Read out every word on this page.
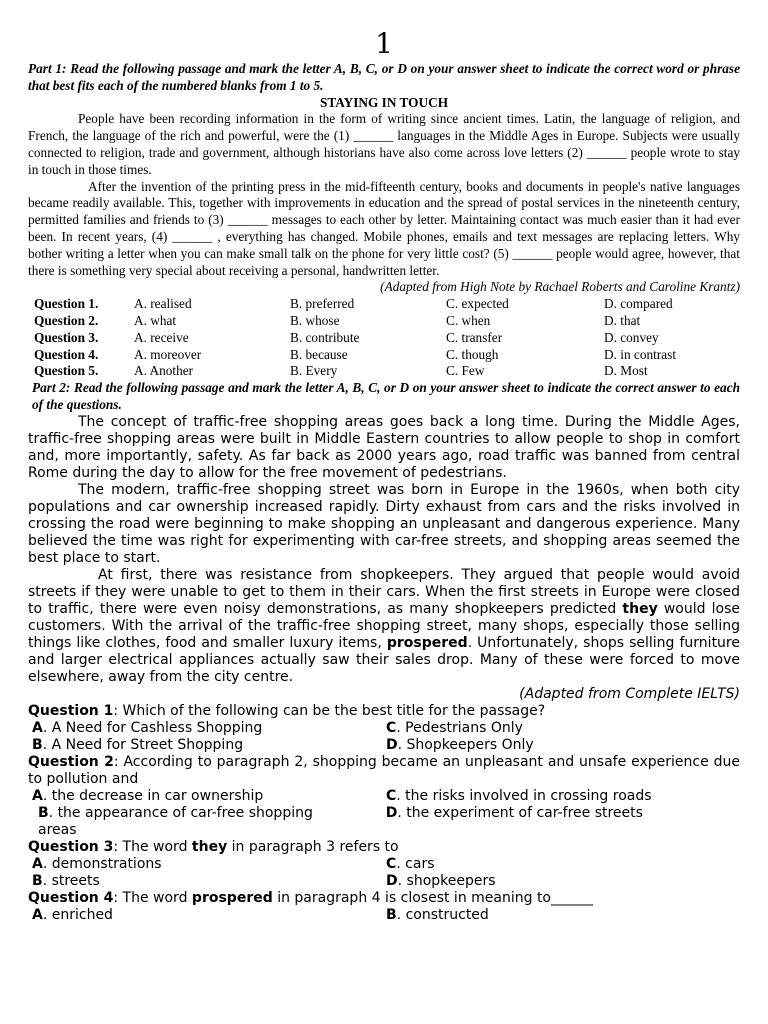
1
Part 1: Read the following passage and mark the letter A, B, C, or D on your answer sheet to indicate the correct word or phrase that best fits each of the numbered blanks from 1 to 5.
STAYING IN TOUCH

People have been recording information in the form of writing since ancient times. Latin, the language of religion, and French, the language of the rich and powerful, were the (1) ______ languages in the Middle Ages in Europe. Subjects were usually connected to religion, trade and government, although historians have also come across love letters (2) ______ people wrote to stay in touch in those times.

After the invention of the printing press in the mid-fifteenth century, books and documents in people's native languages became readily available. This, together with improvements in education and the spread of postal services in the nineteenth century, permitted families and friends to (3) ______ messages to each other by letter. Maintaining contact was much easier than it had ever been. In recent years, (4) ______ , everything has changed. Mobile phones, emails and text messages are replacing letters. Why bother writing a letter when you can make small talk on the phone for very little cost? (5) ______ people would agree, however, that there is something very special about receiving a personal, handwritten letter.

(Adapted from High Note by Rachael Roberts and Caroline Krantz)
Question 1.	A. realised	B. preferred	C. expected	D. compared
Question 2.	A. what	B. whose	C. when	D. that
Question 3.	A. receive	B. contribute	C. transfer	D. convey
Question 4.	A. moreover	B. because	C. though	D. in contrast
Question 5.	A. Another	B. Every	C. Few	D. Most
Part 2: Read the following passage and mark the letter A, B, C, or D on your answer sheet to indicate the correct answer to each of the questions.

The concept of traffic-free shopping areas goes back a long time. During the Middle Ages, traffic-free shopping areas were built in Middle Eastern countries to allow people to shop in comfort and, more importantly, safety. As far back as 2000 years ago, road traffic was banned from central Rome during the day to allow for the free movement of pedestrians.

The modern, traffic-free shopping street was born in Europe in the 1960s, when both city populations and car ownership increased rapidly. Dirty exhaust from cars and the risks involved in crossing the road were beginning to make shopping an unpleasant and dangerous experience. Many believed the time was right for experimenting with car-free streets, and shopping areas seemed the best place to start.

At first, there was resistance from shopkeepers. They argued that people would avoid streets if they were unable to get to them in their cars. When the first streets in Europe were closed to traffic, there were even noisy demonstrations, as many shopkeepers predicted they would lose customers. With the arrival of the traffic-free shopping street, many shops, especially those selling things like clothes, food and smaller luxury items, prospered. Unfortunately, shops selling furniture and larger electrical appliances actually saw their sales drop. Many of these were forced to move elsewhere, away from the city centre.

(Adapted from Complete IELTS)
Question 1: Which of the following can be the best title for the passage?
A. A Need for Cashless Shopping	C. Pedestrians Only
B. A Need for Street Shopping	D. Shopkeepers Only
Question 2: According to paragraph 2, shopping became an unpleasant and unsafe experience due to pollution and
A. the decrease in car ownership	C. the risks involved in crossing roads
B. the appearance of car-free shopping areas
D. the experiment of car-free streets
Question 3: The word they in paragraph 3 refers to
A. demonstrations	C. cars
B. streets	D. shopkeepers
Question 4: The word prospered in paragraph 4 is closest in meaning to______
A. enriched	B. constructed
